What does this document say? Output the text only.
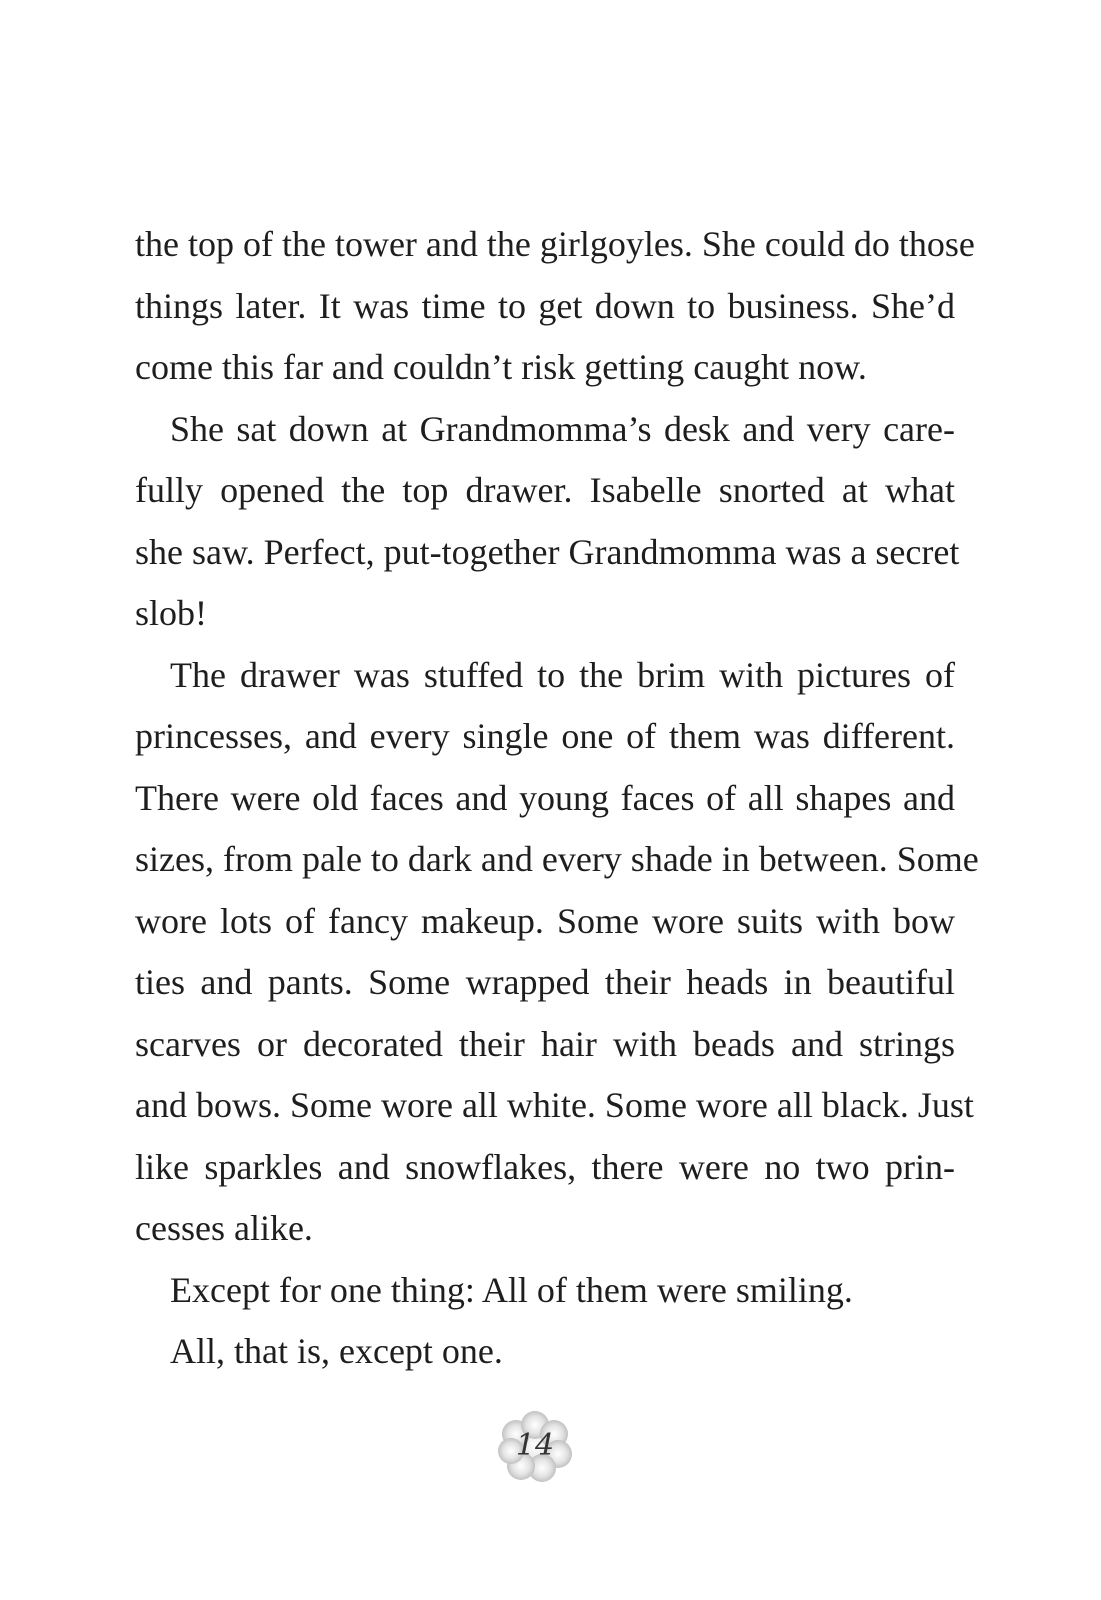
the top of the tower and the girlgoyles. She could do those
things later. It was time to get down to business. She’d
come this far and couldn’t risk getting caught now.
She sat down at Grandmomma’s desk and very care-
fully opened the top drawer. Isabelle snorted at what
she saw. Perfect, put-together Grandmomma was a secret
slob!
The drawer was stuffed to the brim with pictures of
princesses, and every single one of them was different.
There were old faces and young faces of all shapes and
sizes, from pale to dark and every shade in between. Some
wore lots of fancy makeup. Some wore suits with bow
ties and pants. Some wrapped their heads in beautiful
scarves or decorated their hair with beads and strings
and bows. Some wore all white. Some wore all black. Just
like sparkles and snowflakes, there were no two prin-
cesses alike.
Except for one thing: All of them were smiling.
All, that is, except one.
14
